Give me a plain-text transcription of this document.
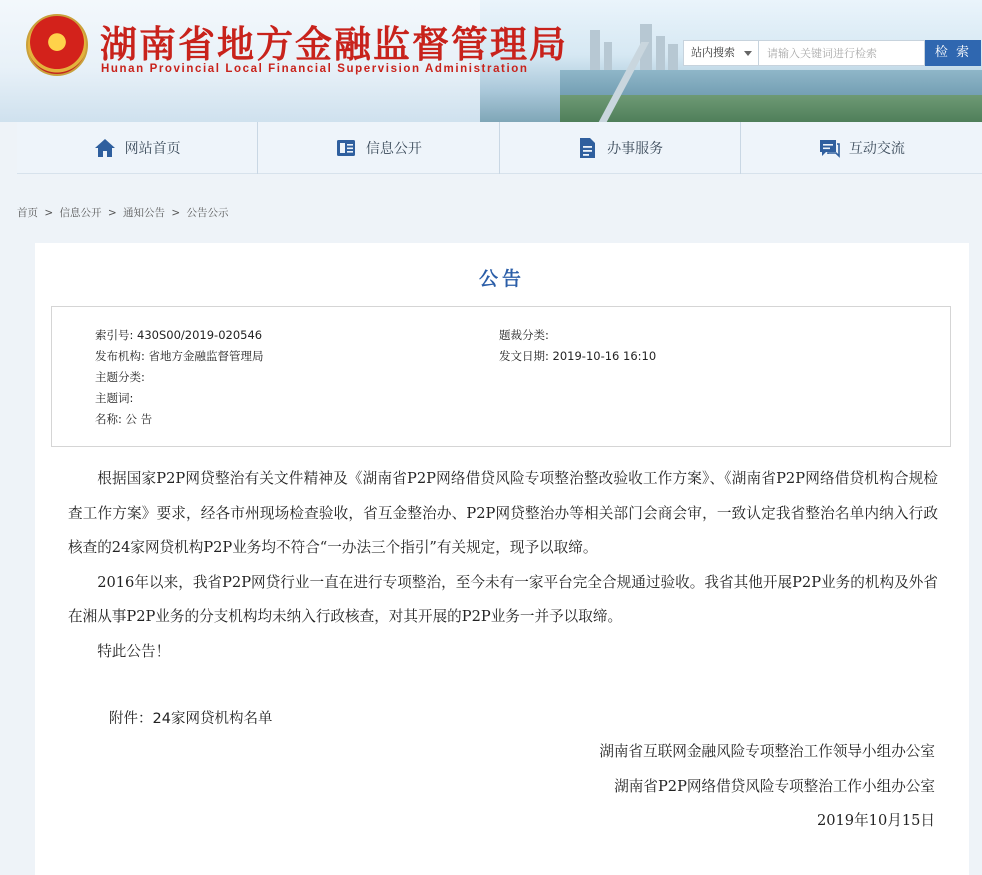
★ 湖南省地方金融监督管理局
Hunan Provincial Local Financial Supervision Administration
站内搜索
请输入关键词进行检索	检 索
网站首页	信息公开	办事服务	互动交流
首页 > 信息公开 > 通知公告 > 公告公示
公告
索引号: 430S00/2019-020546	题裁分类:
发布机构: 省地方金融监督管理局	发文日期: 2019-10-16 16:10
主题分类:
主题词:
名称: 公 告

根据国家P2P网贷整治有关文件精神及《湖南省P2P网络借贷风险专项整治整改验收工作方案》、《湖南省P2P网络借贷机构合规检查工作方案》要求，经各市州现场检查验收，省互金整治办、P2P网贷整治办等相关部门会商会审，一致认定我省整治名单内纳入行政核查的24家网贷机构P2P业务均不符合“一办法三个指引”有关规定，现予以取缔。

2016年以来，我省P2P网贷行业一直在进行专项整治，至今未有一家平台完全合规通过验收。我省其他开展P2P业务的机构及外省在湘从事P2P业务的分支机构均未纳入行政核查，对其开展的P2P业务一并予以取缔。

特此公告！

附件：24家网贷机构名单
湖南省互联网金融风险专项整治工作领导小组办公室
湖南省P2P网络借贷风险专项整治工作小组办公室
2019年10月15日
